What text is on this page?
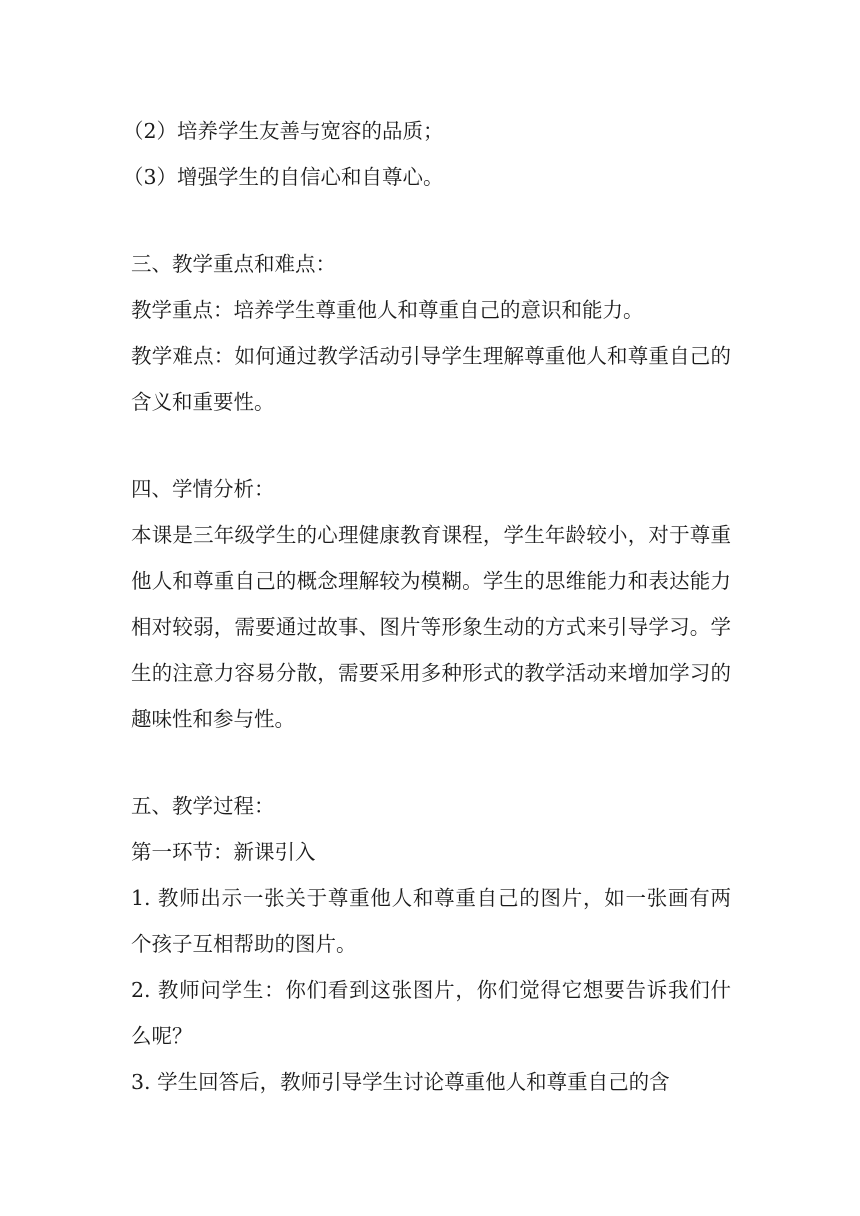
（2）培养学生友善与宽容的品质；

（3）增强学生的自信心和自尊心。

三、教学重点和难点：

教学重点：培养学生尊重他人和尊重自己的意识和能力。

教学难点：如何通过教学活动引导学生理解尊重他人和尊重自己的含义和重要性。

四、学情分析：

本课是三年级学生的心理健康教育课程，学生年龄较小，对于尊重他人和尊重自己的概念理解较为模糊。学生的思维能力和表达能力相对较弱，需要通过故事、图片等形象生动的方式来引导学习。学生的注意力容易分散，需要采用多种形式的教学活动来增加学习的趣味性和参与性。

五、教学过程：

第一环节：新课引入

1. 教师出示一张关于尊重他人和尊重自己的图片，如一张画有两个孩子互相帮助的图片。

2. 教师问学生：你们看到这张图片，你们觉得它想要告诉我们什么呢？

3. 学生回答后，教师引导学生讨论尊重他人和尊重自己的含
